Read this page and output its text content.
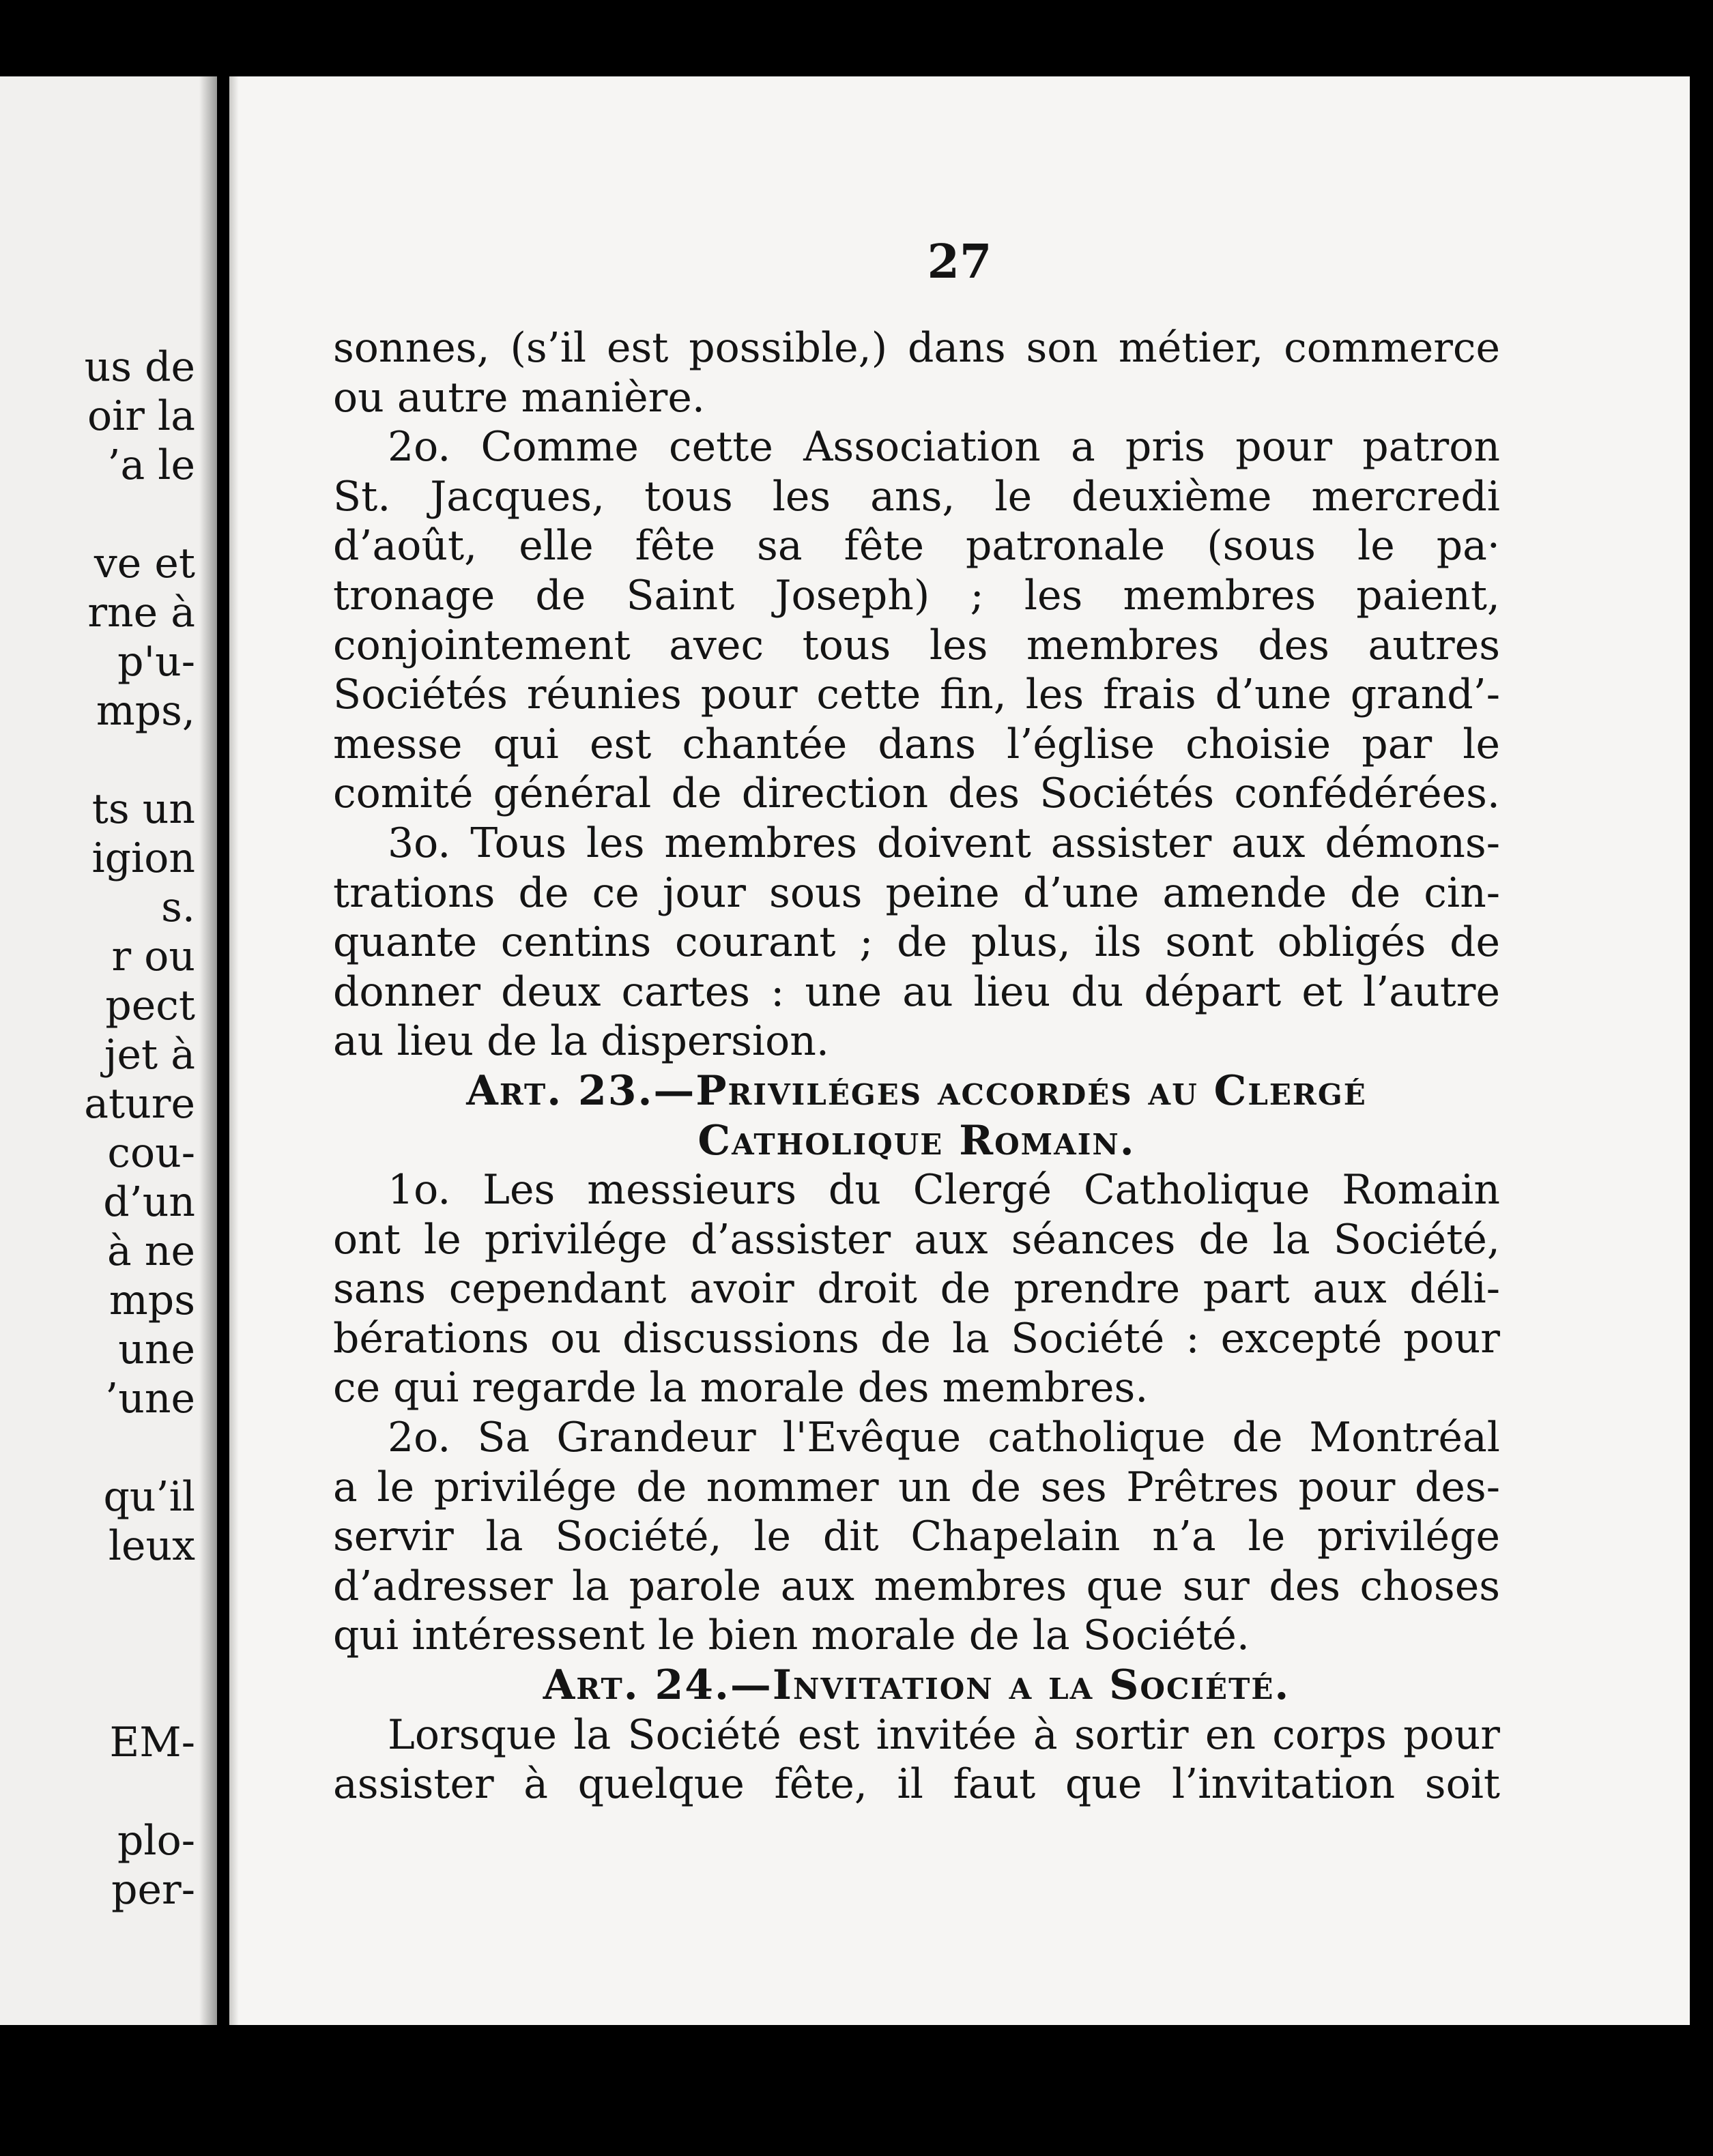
us de
oir la
’a le
ve et
rne à
p'u-
mps,
ts un
igion
s.
r ou
pect
jet à
ature
cou-
d’un
à ne
mps
une
’une
qu’il
leux
EM-
plo-
per-
27
sonnes, (s’il est possible,) dans son métier, commerce
ou autre manière.
2o. Comme cette Association a pris pour patron
St. Jacques, tous les ans, le deuxième mercredi
d’août, elle fête sa fête patronale (sous le pa·
tronage de Saint Joseph) ; les membres paient,
conjointement avec tous les membres des autres
Sociétés réunies pour cette fin, les frais d’une grand’-
messe qui est chantée dans l’église choisie par le
comité général de direction des Sociétés confédérées.
3o. Tous les membres doivent assister aux démons-
trations de ce jour sous peine d’une amende de cin-
quante centins courant ; de plus, ils sont obligés de
donner deux cartes : une au lieu du départ et l’autre
au lieu de la dispersion.
Art. 23.—Priviléges accordés au Clergé
Catholique Romain.
1o. Les messieurs du Clergé Catholique Romain
ont le privilége d’assister aux séances de la Société,
sans cependant avoir droit de prendre part aux déli-
bérations ou discussions de la Société : excepté pour
ce qui regarde la morale des membres.
2o. Sa Grandeur l'Evêque catholique de Montréal
a le privilége de nommer un de ses Prêtres pour des-
servir la Société, le dit Chapelain n’a le privilége
d’adresser la parole aux membres que sur des choses
qui intéressent le bien morale de la Société.
Art. 24.—Invitation a la Société.
Lorsque la Société est invitée à sortir en corps pour
assister à quelque fête, il faut que l’invitation soit
